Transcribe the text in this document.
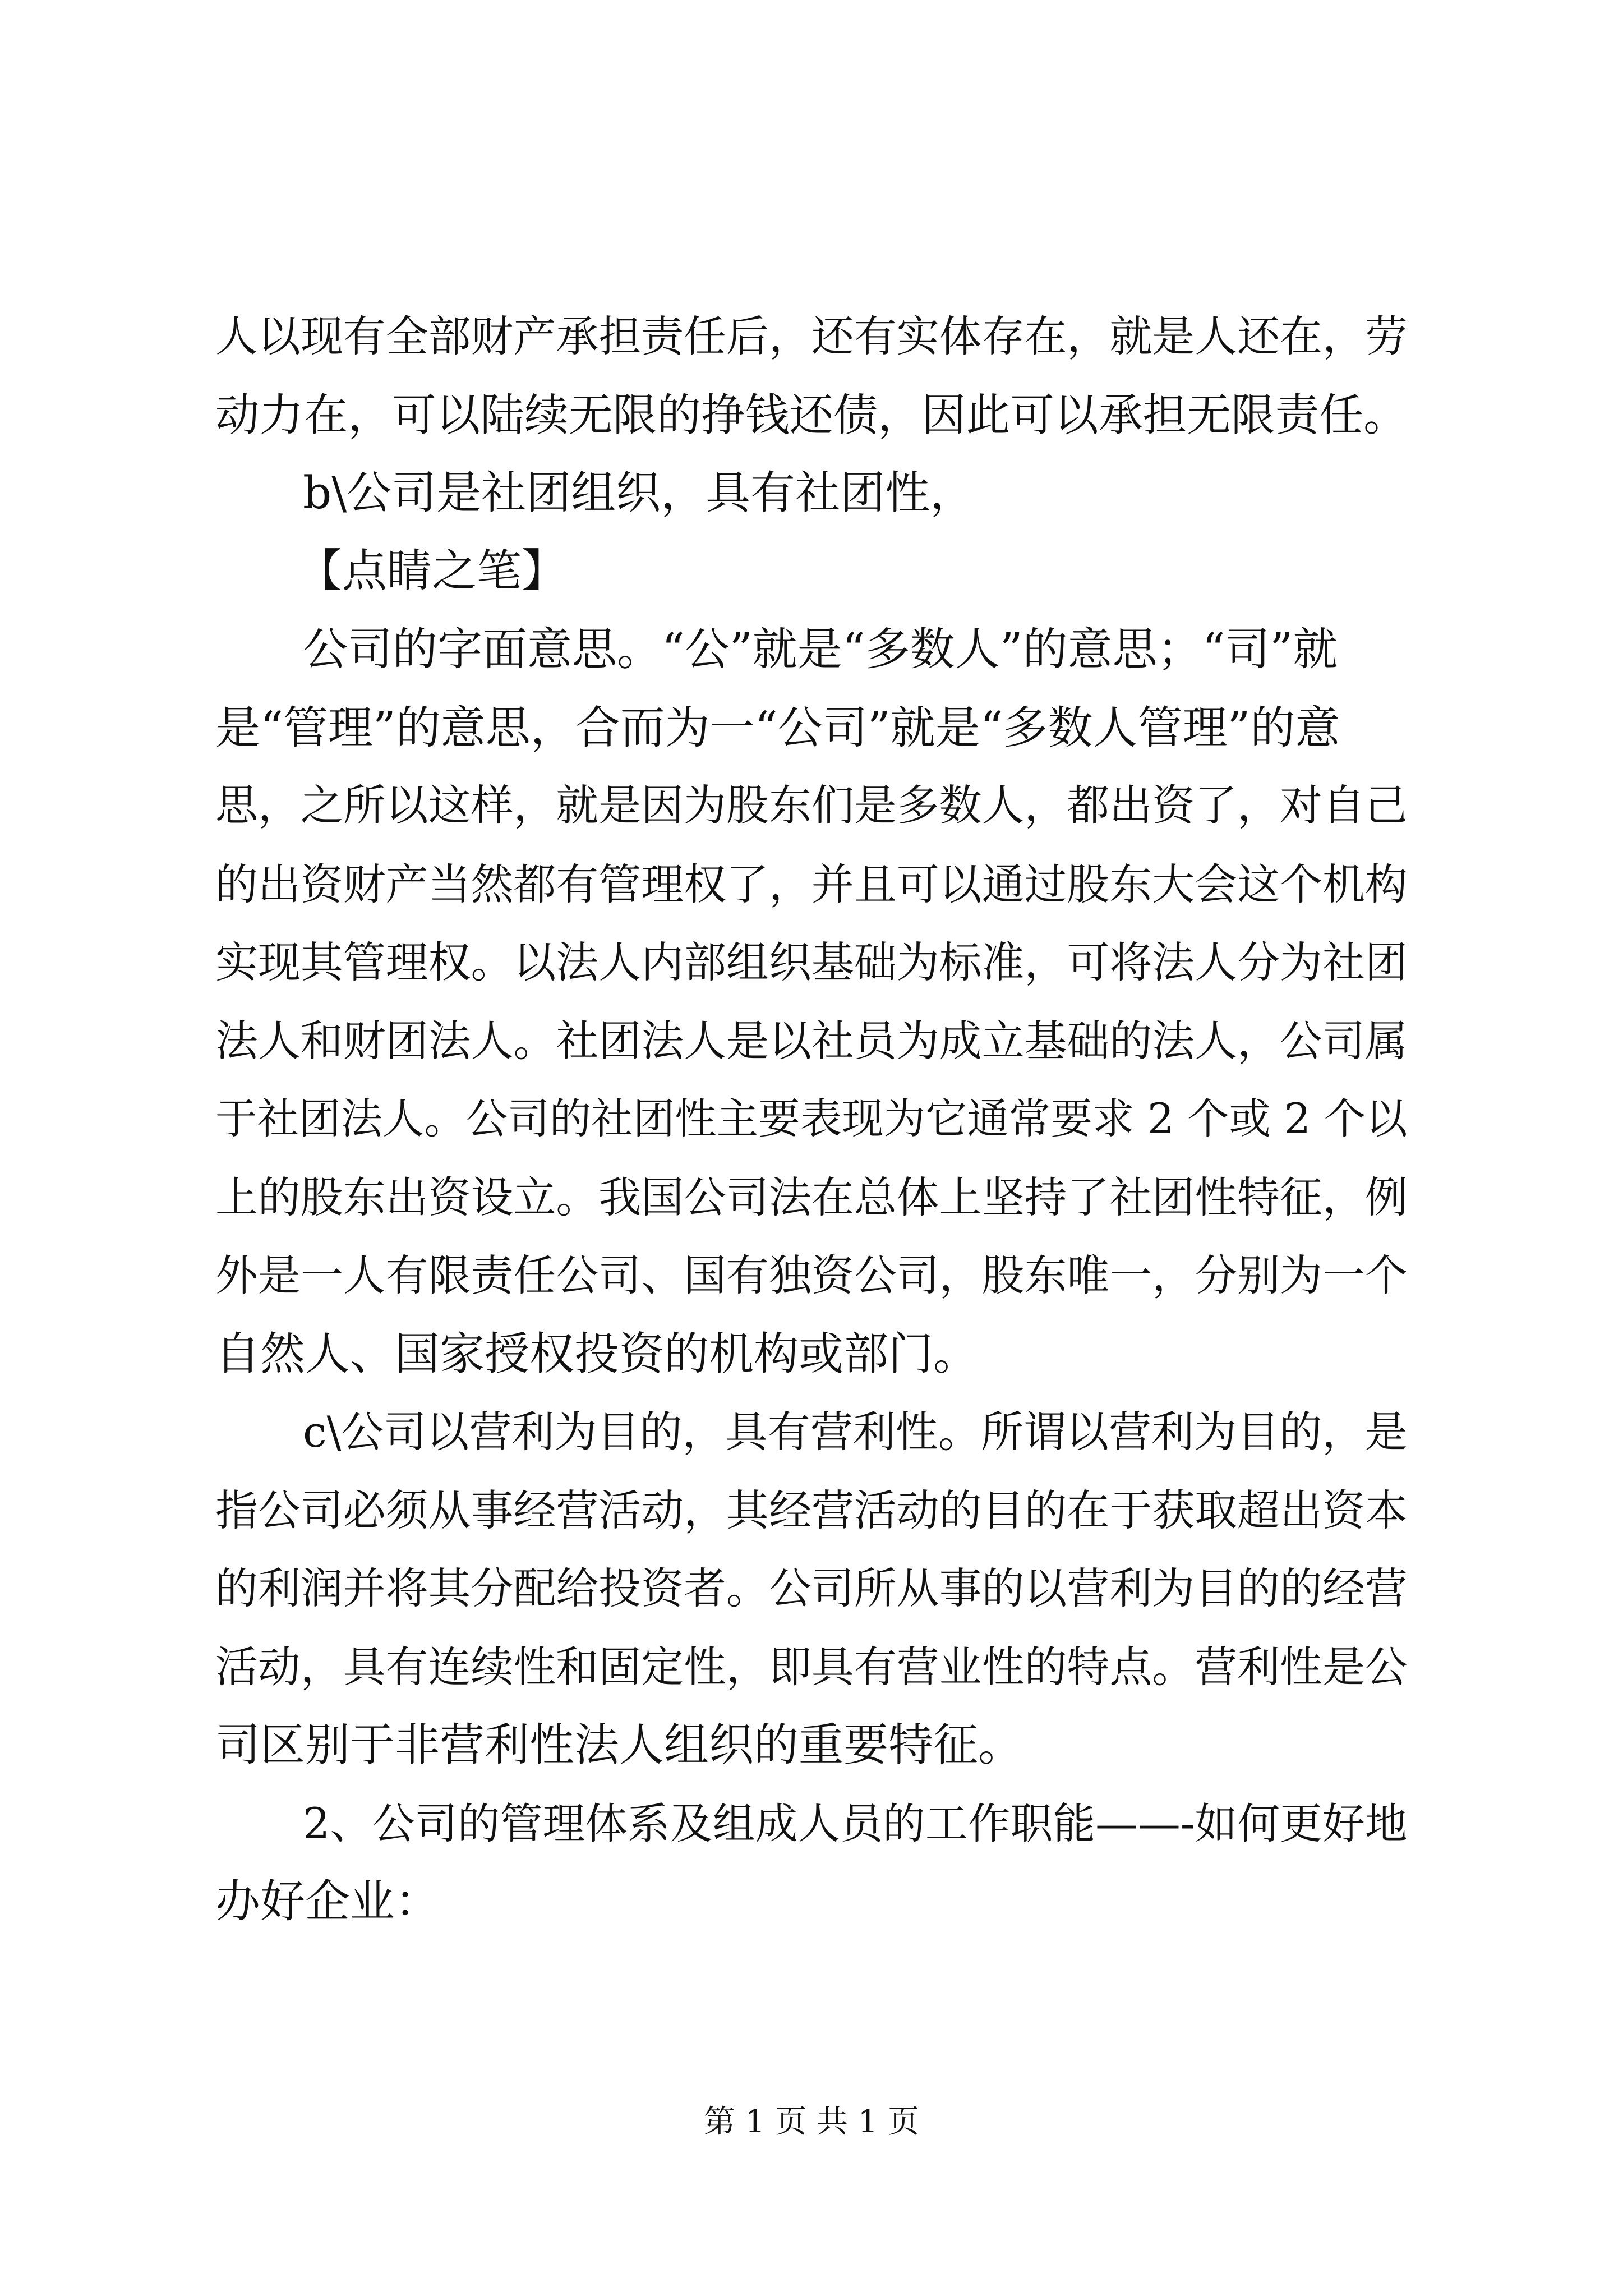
人以现有全部财产承担责任后，还有实体存在，就是人还在，劳
动力在，可以陆续无限的挣钱还债，因此可以承担无限责任。
b\公司是社团组织，具有社团性，
【点睛之笔】
公司的字面意思。“公”就是“多数人”的意思；“司”就
是“管理”的意思，合而为一“公司”就是“多数人管理”的意
思，之所以这样，就是因为股东们是多数人，都出资了，对自己
的出资财产当然都有管理权了，并且可以通过股东大会这个机构
实现其管理权。以法人内部组织基础为标准，可将法人分为社团
法人和财团法人。社团法人是以社员为成立基础的法人，公司属
于社团法人。公司的社团性主要表现为它通常要求 2 个或 2 个以
上的股东出资设立。我国公司法在总体上坚持了社团性特征，例
外是一人有限责任公司、国有独资公司，股东唯一，分别为一个
自然人、国家授权投资的机构或部门。
c\公司以营利为目的，具有营利性。所谓以营利为目的，是
指公司必须从事经营活动，其经营活动的目的在于获取超出资本
的利润并将其分配给投资者。公司所从事的以营利为目的的经营
活动，具有连续性和固定性，即具有营业性的特点。营利性是公
司区别于非营利性法人组织的重要特征。
2、公司的管理体系及组成人员的工作职能——-如何更好地
办好企业：
第 1 页 共 1 页
